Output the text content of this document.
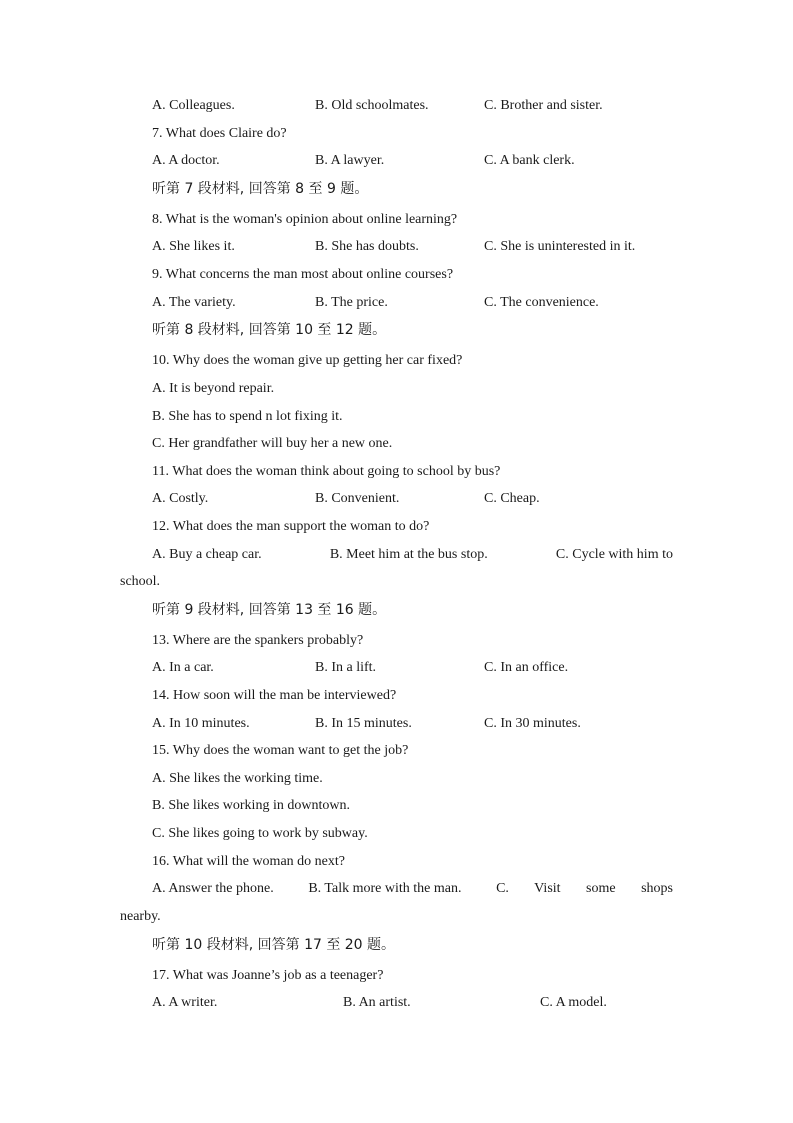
A. Colleagues.	B. Old schoolmates.	C. Brother and sister.
7. What does Claire do?
A. A doctor.	B. A lawyer.	C. A bank clerk.
听第 7 段材料, 回答第 8 至 9 题。
8. What is the woman's opinion about online learning?
A. She likes it.	B. She has doubts.	C. She is uninterested in it.
9. What concerns the man most about online courses?
A. The variety.	B. The price.	C. The convenience.
听第 8 段材料, 回答第 10 至 12 题。
10. Why does the woman give up getting her car fixed?
A. It is beyond repair.
B. She has to spend n lot fixing it.
C. Her grandfather will buy her a new one.
11. What does the woman think about going to school by bus?
A. Costly.	B. Convenient.	C. Cheap.
12. What does the man support the woman to do?
A. Buy a cheap car.	B. Meet him at the bus stop.	C. Cycle with him to
school.
听第 9 段材料, 回答第 13 至 16 题。
13. Where are the spankers probably?
A. In a car.	B. In a lift.	C. In an office.
14. How soon will the man be interviewed?
A. In 10 minutes.	B. In 15 minutes.	C. In 30 minutes.
15. Why does the woman want to get the job?
A. She likes the working time.
B. She likes working in downtown.
C. She likes going to work by subway.
16. What will the woman do next?
A. Answer the phone. B. Talk more with the man. C. Visit some shops
nearby.
听第 10 段材料, 回答第 17 至 20 题。
17. What was Joanne’s job as a teenager?
A. A writer.	B. An artist.	C. A model.
